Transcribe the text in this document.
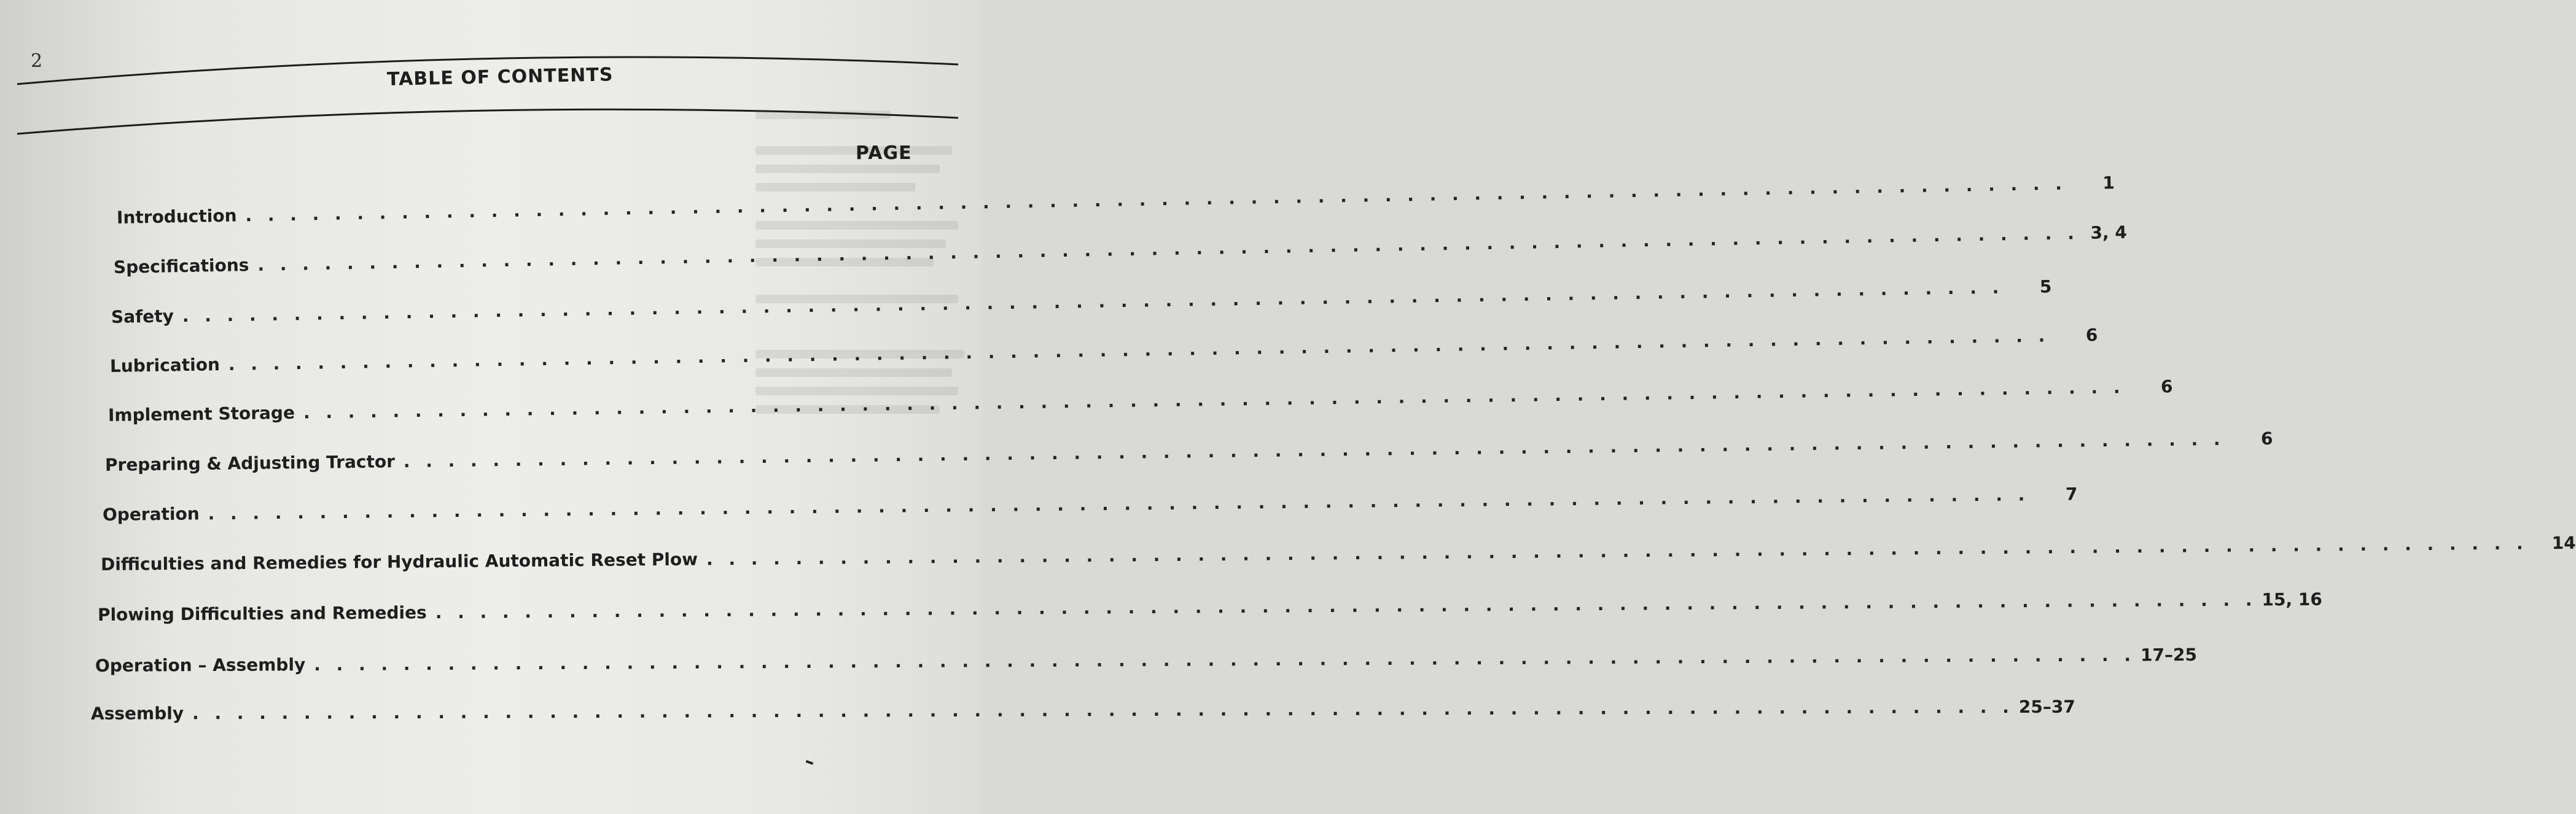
2
TABLE OF CONTENTS
PAGE
Introduction . . . . . . . . . . . . . . . . . . . . . . . . . . . . . . . . . . . . . . . . . . . . . . . . . . . . . . . . . . . . . . . . . . . . . . . . . . . . . . . . . .	1
Specifications . . . . . . . . . . . . . . . . . . . . . . . . . . . . . . . . . . . . . . . . . . . . . . . . . . . . . . . . . . . . . . . . . . . . . . . . . . . . . . . . . . 3, 4
Safety . . . . . . . . . . . . . . . . . . . . . . . . . . . . . . . . . . . . . . . . . . . . . . . . . . . . . . . . . . . . . . . . . . . . . . . . . . . . . . . . . .	5
Lubrication . . . . . . . . . . . . . . . . . . . . . . . . . . . . . . . . . . . . . . . . . . . . . . . . . . . . . . . . . . . . . . . . . . . . . . . . . . . . . . . . . .	6
Implement Storage . . . . . . . . . . . . . . . . . . . . . . . . . . . . . . . . . . . . . . . . . . . . . . . . . . . . . . . . . . . . . . . . . . . . . . . . . . . . . . . . . .	6
Preparing & Adjusting Tractor . . . . . . . . . . . . . . . . . . . . . . . . . . . . . . . . . . . . . . . . . . . . . . . . . . . . . . . . . . . . . . . . . . . . . . . . . . . . . . . . . .	6
Operation . . . . . . . . . . . . . . . . . . . . . . . . . . . . . . . . . . . . . . . . . . . . . . . . . . . . . . . . . . . . . . . . . . . . . . . . . . . . . . . . . .	7
Difficulties and Remedies for Hydraulic Automatic Reset Plow . . . . . . . . . . . . . . . . . . . . . . . . . . . . . . . . . . . . . . . . . . . . . . . . . . . . . . . . . . . . . . . . . . . . . . . . . . . . . . . . . .	14
Plowing Difficulties and Remedies . . . . . . . . . . . . . . . . . . . . . . . . . . . . . . . . . . . . . . . . . . . . . . . . . . . . . . . . . . . . . . . . . . . . . . . . . . . . . . . . . . 15, 16
Operation – Assembly . . . . . . . . . . . . . . . . . . . . . . . . . . . . . . . . . . . . . . . . . . . . . . . . . . . . . . . . . . . . . . . . . . . . . . . . . . . . . . . . . . 17–25
Assembly . . . . . . . . . . . . . . . . . . . . . . . . . . . . . . . . . . . . . . . . . . . . . . . . . . . . . . . . . . . . . . . . . . . . . . . . . . . . . . . . . . 25–37
